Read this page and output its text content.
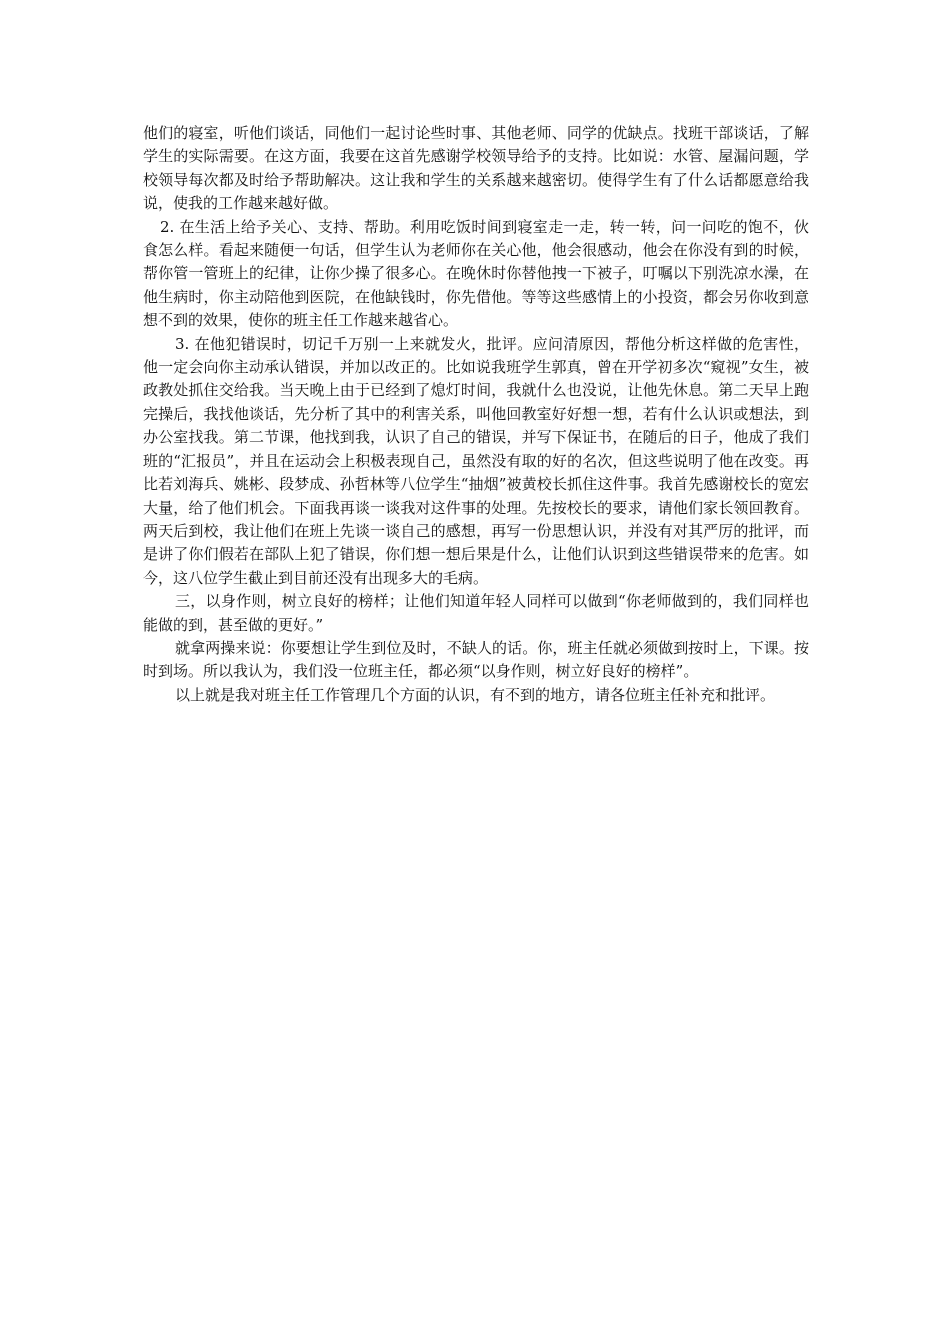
他们的寝室，听他们谈话，同他们一起讨论些时事、其他老师、同学的优缺点。找班干部谈话，了解学生的实际需要。在这方面，我要在这首先感谢学校领导给予的支持。比如说：水管、屋漏问题，学校领导每次都及时给予帮助解决。这让我和学生的关系越来越密切。使得学生有了什么话都愿意给我说，使我的工作越来越好做。

2. 在生活上给予关心、支持、帮助。利用吃饭时间到寝室走一走，转一转，问一问吃的饱不，伙食怎么样。看起来随便一句话，但学生认为老师你在关心他，他会很感动，他会在你没有到的时候，帮你管一管班上的纪律，让你少操了很多心。在晚休时你替他拽一下被子，叮嘱以下别洗凉水澡，在他生病时，你主动陪他到医院，在他缺钱时，你先借他。等等这些感情上的小投资，都会另你收到意想不到的效果，使你的班主任工作越来越省心。

3. 在他犯错误时，切记千万别一上来就发火，批评。应问清原因，帮他分析这样做的危害性，他一定会向你主动承认错误，并加以改正的。比如说我班学生郭真，曾在开学初多次“窥视”女生，被政教处抓住交给我。当天晚上由于已经到了熄灯时间，我就什么也没说，让他先休息。第二天早上跑完操后，我找他谈话，先分析了其中的利害关系，叫他回教室好好想一想，若有什么认识或想法，到办公室找我。第二节课，他找到我，认识了自己的错误，并写下保证书，在随后的日子，他成了我们班的“汇报员”，并且在运动会上积极表现自己，虽然没有取的好的名次，但这些说明了他在改变。再比若刘海兵、姚彬、段梦成、孙哲林等八位学生“抽烟”被黄校长抓住这件事。我首先感谢校长的宽宏大量，给了他们机会。下面我再谈一谈我对这件事的处理。先按校长的要求，请他们家长领回教育。两天后到校，我让他们在班上先谈一谈自己的感想，再写一份思想认识，并没有对其严厉的批评，而是讲了你们假若在部队上犯了错误，你们想一想后果是什么，让他们认识到这些错误带来的危害。如今，这八位学生截止到目前还没有出现多大的毛病。

三，以身作则，树立良好的榜样；让他们知道年轻人同样可以做到“你老师做到的，我们同样也能做的到，甚至做的更好。”

就拿两操来说：你要想让学生到位及时，不缺人的话。你，班主任就必须做到按时上，下课。按时到场。所以我认为，我们没一位班主任，都必须“以身作则，树立好良好的榜样”。

以上就是我对班主任工作管理几个方面的认识，有不到的地方，请各位班主任补充和批评。
